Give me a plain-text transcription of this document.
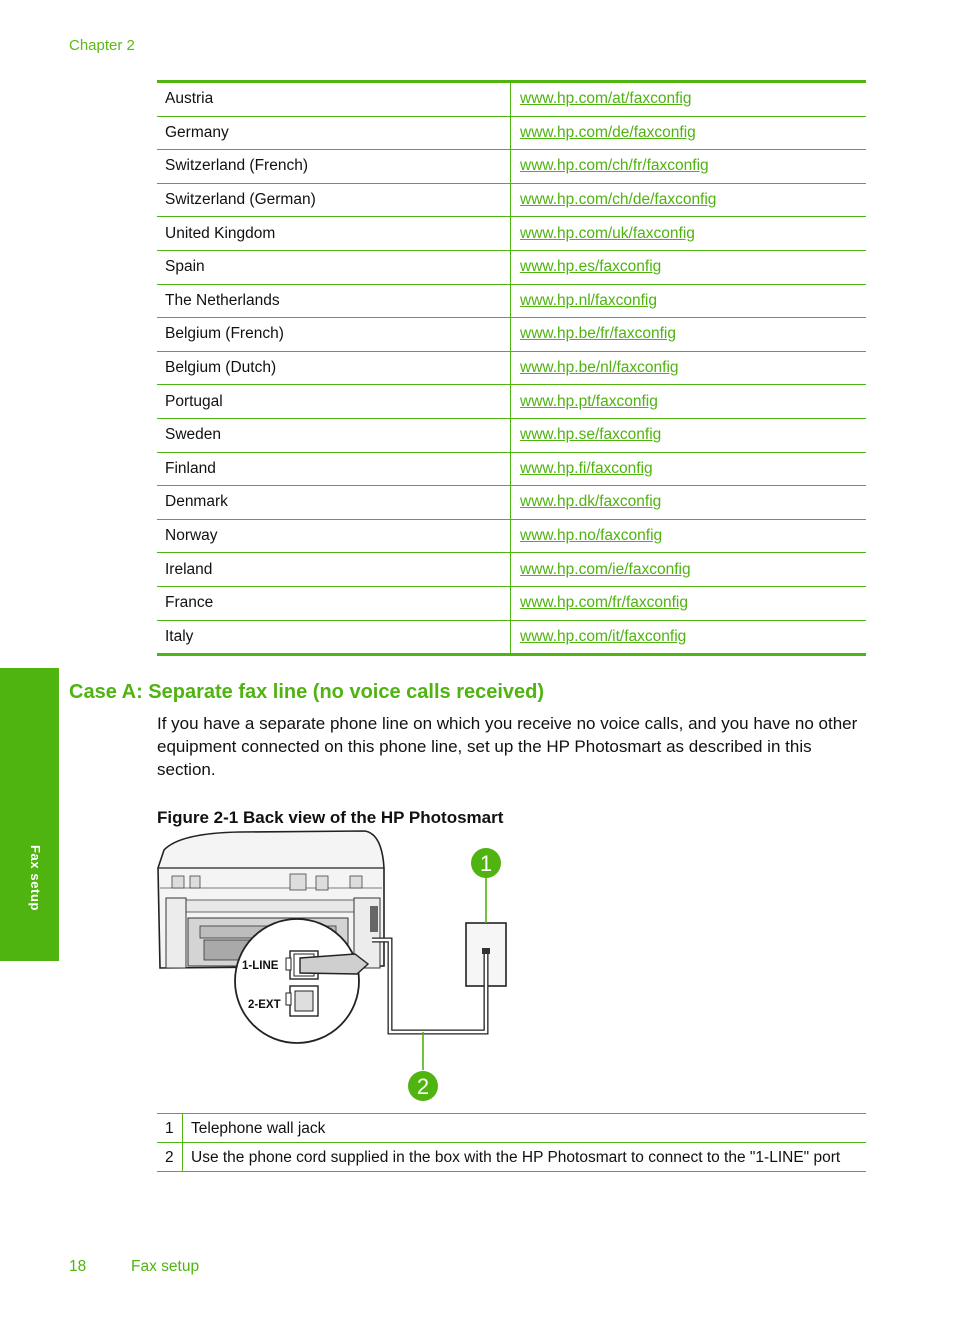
Chapter 2
Fax setup
Austria	www.hp.com/at/faxconfig
Germany	www.hp.com/de/faxconfig
Switzerland (French)	www.hp.com/ch/fr/faxconfig
Switzerland (German)	www.hp.com/ch/de/faxconfig
United Kingdom	www.hp.com/uk/faxconfig
Spain	www.hp.es/faxconfig
The Netherlands	www.hp.nl/faxconfig
Belgium (French)	www.hp.be/fr/faxconfig
Belgium (Dutch)	www.hp.be/nl/faxconfig
Portugal	www.hp.pt/faxconfig
Sweden	www.hp.se/faxconfig
Finland	www.hp.fi/faxconfig
Denmark	www.hp.dk/faxconfig
Norway	www.hp.no/faxconfig
Ireland	www.hp.com/ie/faxconfig
France	www.hp.com/fr/faxconfig
Italy	www.hp.com/it/faxconfig
Case A: Separate fax line (no voice calls received)

If you have a separate phone line on which you receive no voice calls, and you have no other equipment connected on this phone line, set up the HP Photosmart as described in this section.

Figure 2-1 Back view of the HP Photosmart
1-LINE
2-EXT
1
2
1	Telephone wall jack
2	Use the phone cord supplied in the box with the HP Photosmart to connect to the "1-LINE" port
18	Fax setup
